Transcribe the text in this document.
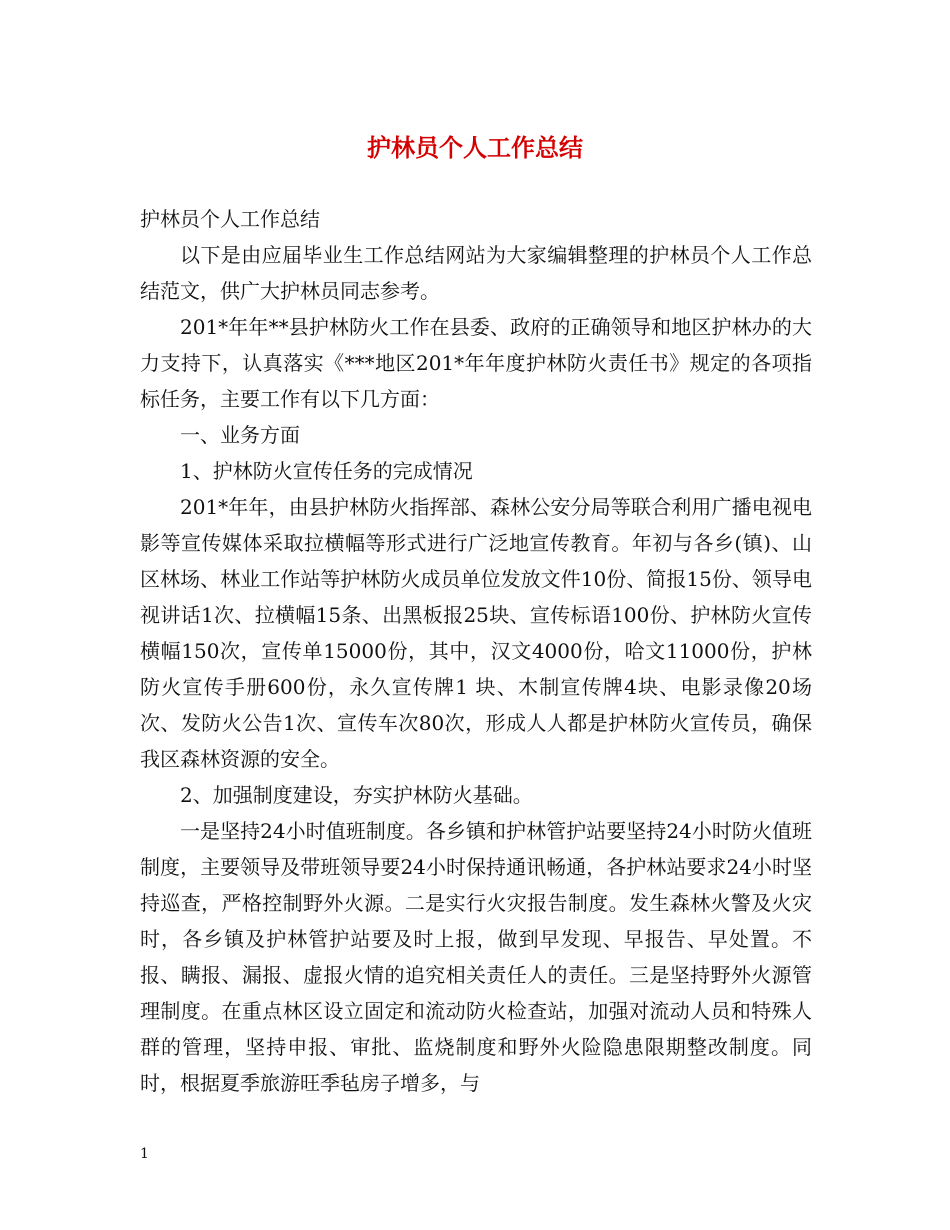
护林员个人工作总结

护林员个人工作总结

以下是由应届毕业生工作总结网站为大家编辑整理的护林员个人工作总结范文，供广大护林员同志参考。

201*年年**县护林防火工作在县委、政府的正确领导和地区护林办的大力支持下，认真落实《***地区201*年年度护林防火责任书》规定的各项指标任务，主要工作有以下几方面：

一、业务方面

1、护林防火宣传任务的完成情况

201*年年，由县护林防火指挥部、森林公安分局等联合利用广播电视电影等宣传媒体采取拉横幅等形式进行广泛地宣传教育。年初与各乡(镇)、山区林场、林业工作站等护林防火成员单位发放文件10份、简报15份、领导电视讲话1次、拉横幅15条、出黑板报25块、宣传标语100份、护林防火宣传横幅150次，宣传单15000份，其中，汉文4000份，哈文11000份，护林防火宣传手册600份，永久宣传牌1 块、木制宣传牌4块、电影录像20场次、发防火公告1次、宣传车次80次，形成人人都是护林防火宣传员，确保我区森林资源的安全。

2、加强制度建设，夯实护林防火基础。

一是坚持24小时值班制度。各乡镇和护林管护站要坚持24小时防火值班制度，主要领导及带班领导要24小时保持通讯畅通，各护林站要求24小时坚持巡查，严格控制野外火源。二是实行火灾报告制度。发生森林火警及火灾时，各乡镇及护林管护站要及时上报，做到早发现、早报告、早处置。不报、瞒报、漏报、虚报火情的追究相关责任人的责任。三是坚持野外火源管理制度。在重点林区设立固定和流动防火检查站，加强对流动人员和特殊人群的管理，坚持申报、审批、监烧制度和野外火险隐患限期整改制度。同时，根据夏季旅游旺季毡房子增多，与

1
